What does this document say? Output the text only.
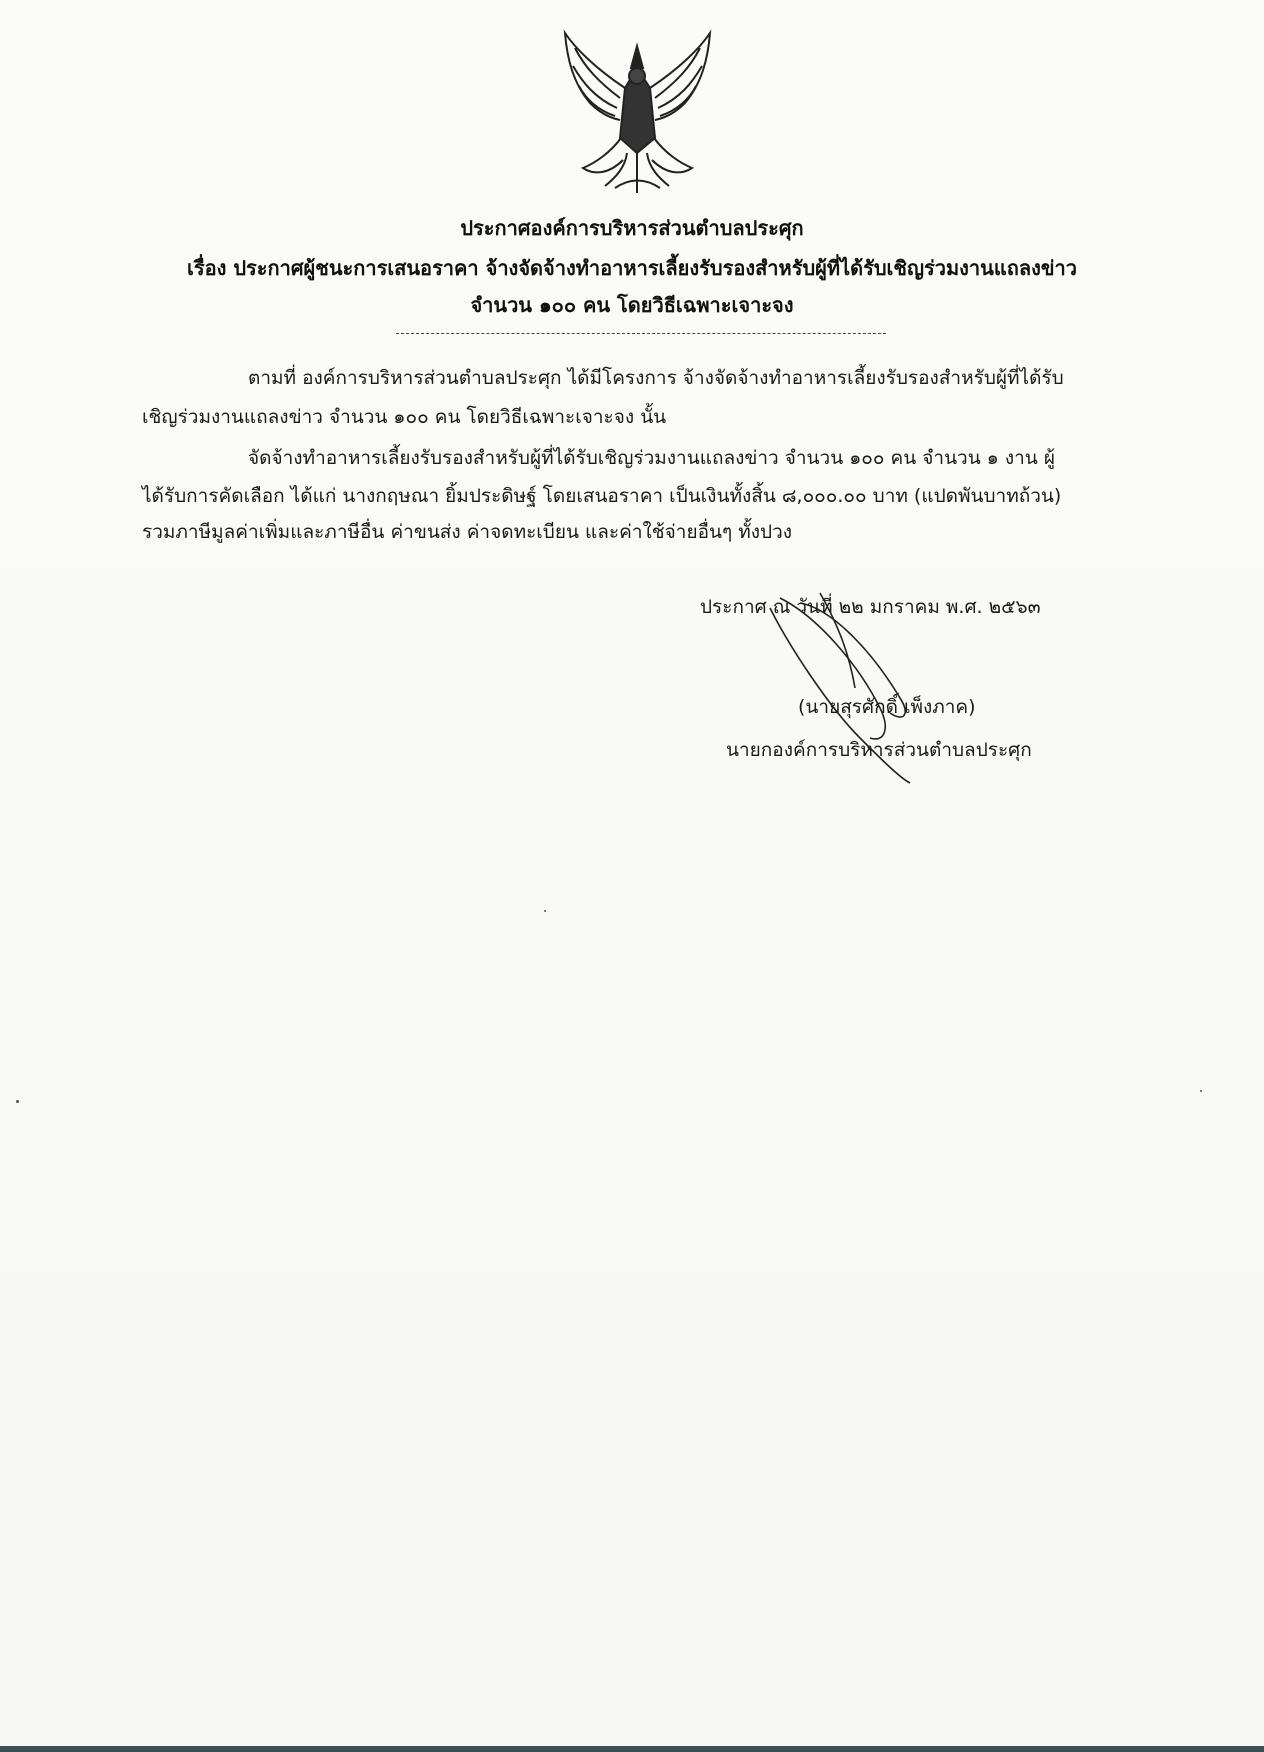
ประกาศองค์การบริหารส่วนตำบลประศุก
เรื่อง ประกาศผู้ชนะการเสนอราคา จ้างจัดจ้างทำอาหารเลี้ยงรับรองสำหรับผู้ที่ได้รับเชิญร่วมงานแถลงข่าว
จำนวน ๑๐๐ คน โดยวิธีเฉพาะเจาะจง
ตามที่ องค์การบริหารส่วนตำบลประศุก ได้มีโครงการ จ้างจัดจ้างทำอาหารเลี้ยงรับรองสำหรับผู้ที่ได้รับ
เชิญร่วมงานแถลงข่าว จำนวน ๑๐๐ คน โดยวิธีเฉพาะเจาะจง นั้น
จัดจ้างทำอาหารเลี้ยงรับรองสำหรับผู้ที่ได้รับเชิญร่วมงานแถลงข่าว จำนวน ๑๐๐ คน จำนวน ๑ งาน ผู้
ได้รับการคัดเลือก ได้แก่ นางกฤษณา ยิ้มประดิษฐ์ โดยเสนอราคา เป็นเงินทั้งสิ้น ๘,๐๐๐.๐๐ บาท (แปดพันบาทถ้วน)
รวมภาษีมูลค่าเพิ่มและภาษีอื่น ค่าขนส่ง ค่าจดทะเบียน และค่าใช้จ่ายอื่นๆ ทั้งปวง
ประกาศ ณ วันที่ ๒๒ มกราคม พ.ศ. ๒๕๖๓
(นายสุรศักดิ์ เพ็งภาค)
นายกองค์การบริหารส่วนตำบลประศุก
